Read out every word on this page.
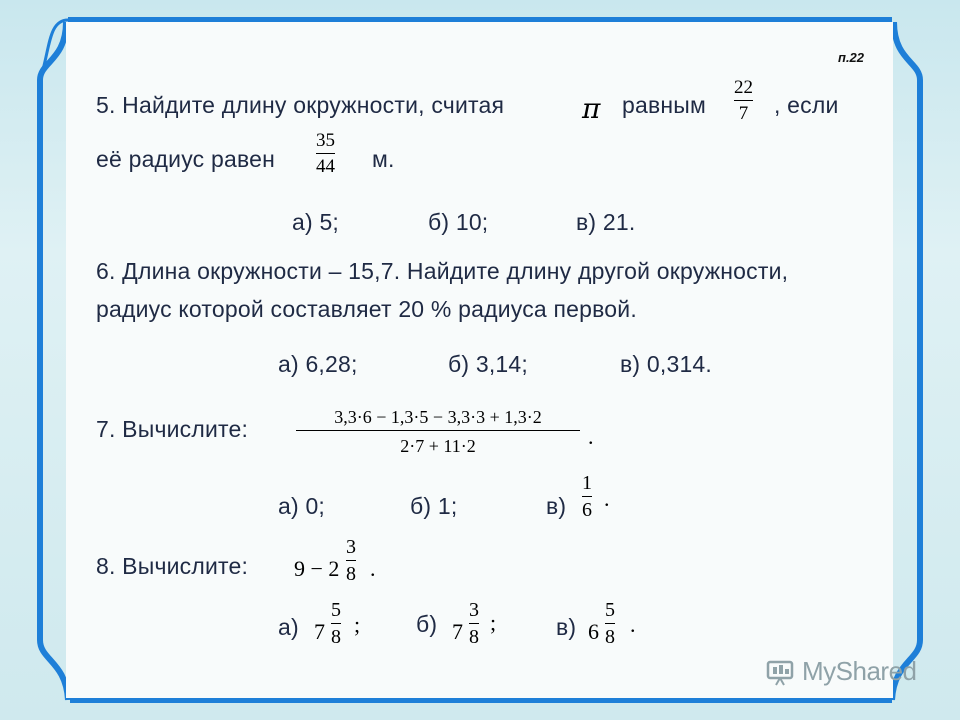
п.22
5. Найдите длину окружности, считая	π равным
22
7 , если
её радиус равен
35
44 м.
а) 5;	б) 10;	в) 21.
6. Длина окружности – 15,7. Найдите длину другой окружности,
радиус которой составляет 20 % радиуса первой.
а) 6,28;	б) 3,14;	в) 0,314.
7. Вычислите:	3,3·6 − 1,3·5 − 3,3·3 + 1,3·2
2·7 + 11·2	.
а) 0;	б) 1;	в)
1
6 .
8. Вычислите: 9 − 2
3
8 .
а) 7
5
8
; б) 7
3
8
;	в) 6
5
8
.
MyShared
